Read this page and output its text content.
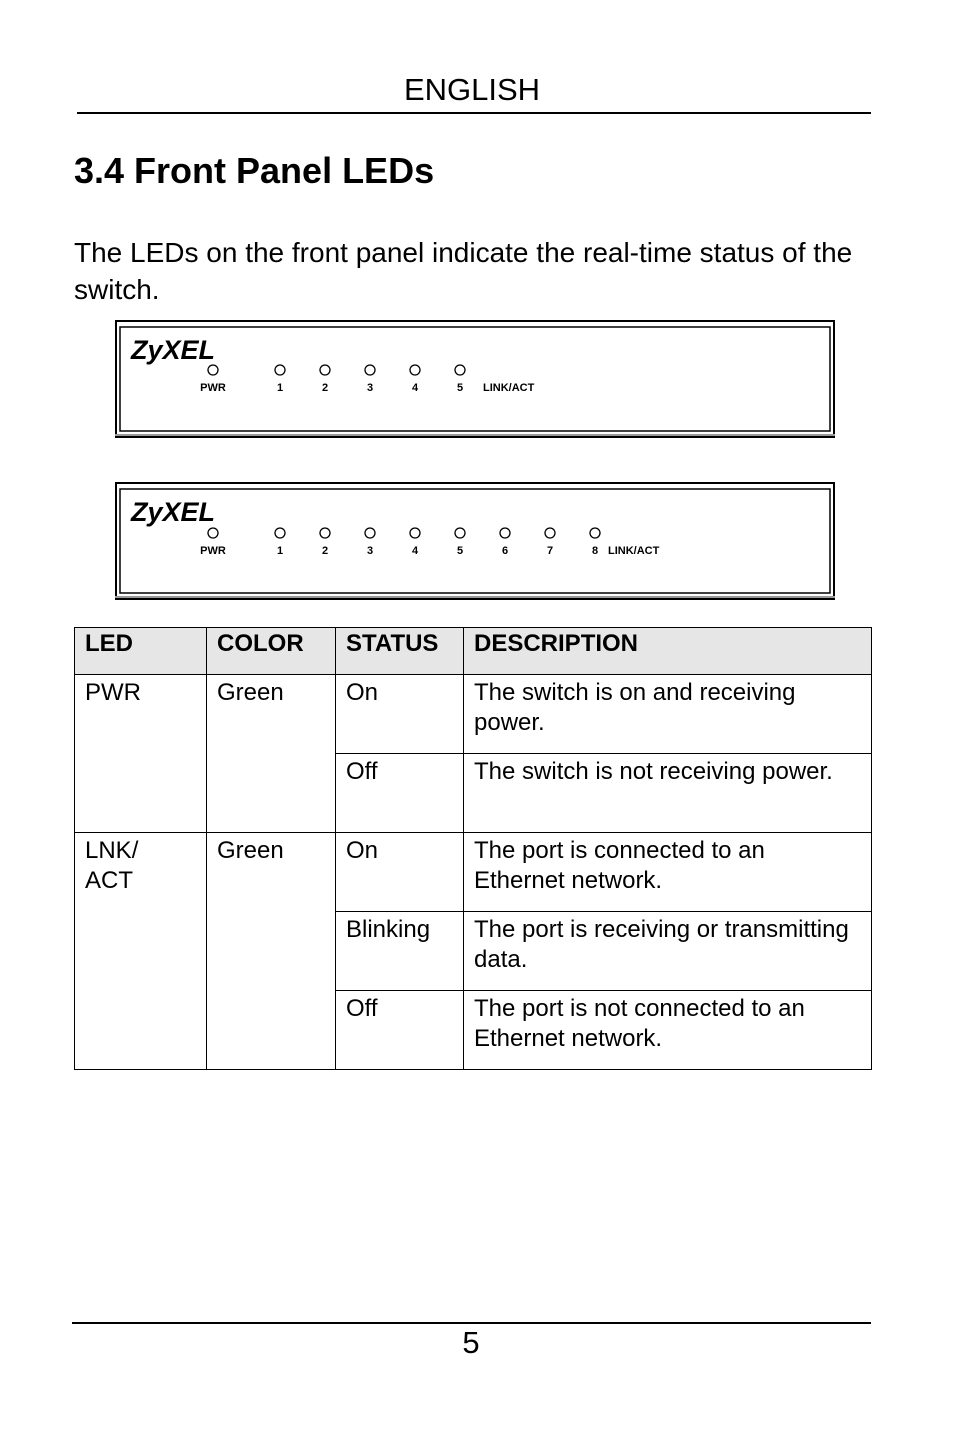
ENGLISH
3.4 Front Panel LEDs

The LEDs on the front panel indicate the real-time status of the switch.

ZyXEL
PWR	1	2	3	4	5 LINK/ACT
ZyXEL
PWR	1	2	3	4	5	6	7	8 LINK/ACT
LED	COLOR	STATUS	DESCRIPTION
PWR	Green	On	The switch is on and receiving power.
		Off	The switch is not receiving power.
LNK/ ACT	Green	On	The port is connected to an Ethernet network.
		Blinking	The port is receiving or transmitting data.
		Off	The port is not connected to an Ethernet network.
5
